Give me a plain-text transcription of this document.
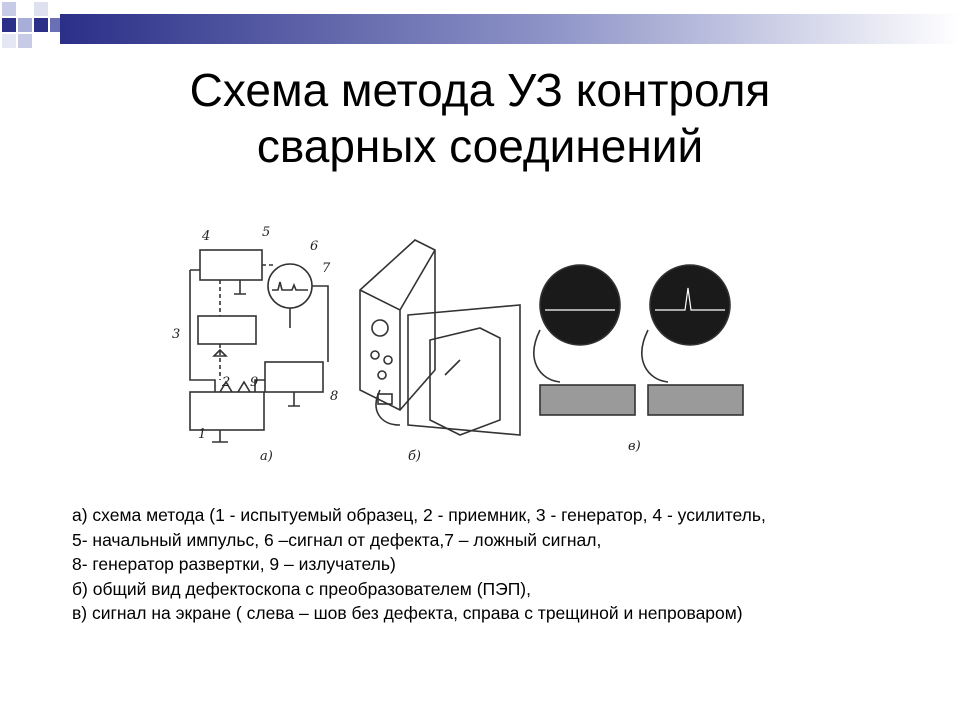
Схема метода УЗ контроля
сварных соединений
а)	б)
в)
1
2
3
4	5
6
7
8
9
а) схема метода (1 - испытуемый образец, 2 - приемник, 3 - генератор, 4 - усилитель,
5- начальный импульс, 6 –сигнал от дефекта,7 – ложный сигнал,
8- генератор развертки, 9 – излучатель)
б) общий вид дефектоскопа с преобразователем (ПЭП),
в) сигнал на экране ( слева – шов без дефекта, справа с трещиной и непроваром)
